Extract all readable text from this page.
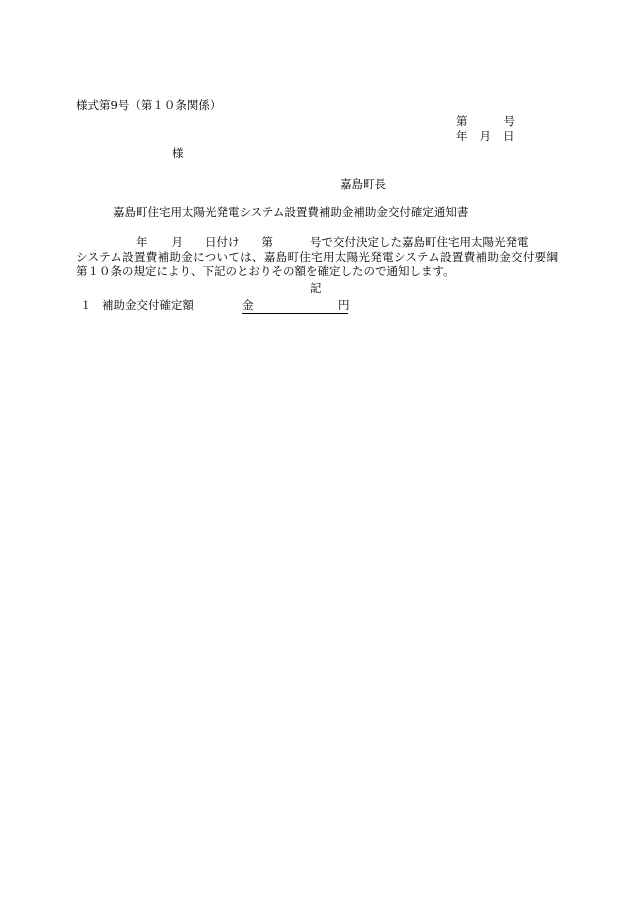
様式第9号（第１０条関係）
第	号
年 月 日
様
嘉島町長
嘉島町住宅用太陽光発電システム設置費補助金補助金交付確定通知書
年 月 日付け 第	号で交付決定した嘉島町住宅用太陽光発電
システム設置費補助金については、嘉島町住宅用太陽光発電システム設置費補助金交付要綱
第１０条の規定により、下記のとおりその額を確定したので通知します。
記
１ 補助金交付確定額	金	円
